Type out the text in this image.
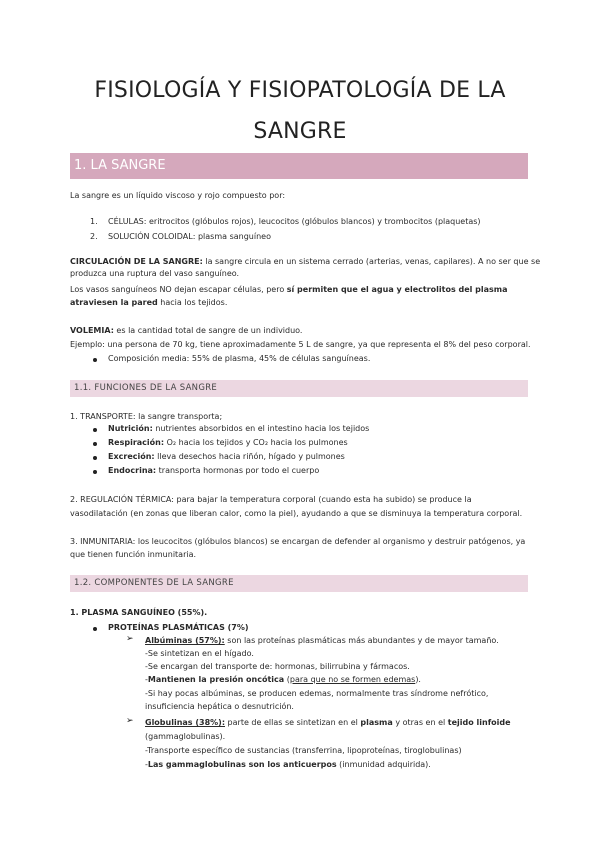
FISIOLOGÍA Y FISIOPATOLOGÍA DE LA
SANGRE
1. LA SANGRE
La sangre es un líquido viscoso y rojo compuesto por:
1. CÉLULAS: eritrocitos (glóbulos rojos), leucocitos (glóbulos blancos) y trombocitos (plaquetas)
2. SOLUCIÓN COLOIDAL: plasma sanguíneo
CIRCULACIÓN DE LA SANGRE: la sangre circula en un sistema cerrado (arterias, venas, capilares). A no ser que se
produzca una ruptura del vaso sanguíneo.
Los vasos sanguíneos NO dejan escapar células, pero sí permiten que el agua y electrolitos del plasma
atraviesen la pared hacia los tejidos.
VOLEMIA: es la cantidad total de sangre de un individuo.
Ejemplo: una persona de 70 kg, tiene aproximadamente 5 L de sangre, ya que representa el 8% del peso corporal.
Composición media: 55% de plasma, 45% de células sanguíneas.
1.1. FUNCIONES DE LA SANGRE
1. TRANSPORTE: la sangre transporta;
Nutrición: nutrientes absorbidos en el intestino hacia los tejidos
Respiración: O₂ hacia los tejidos y CO₂ hacia los pulmones
Excreción: lleva desechos hacia riñón, hígado y pulmones
Endocrina: transporta hormonas por todo el cuerpo
2. REGULACIÓN TÉRMICA: para bajar la temperatura corporal (cuando esta ha subido) se produce la
vasodilatación (en zonas que liberan calor, como la piel), ayudando a que se disminuya la temperatura corporal.
3. INMUNITARIA: los leucocitos (glóbulos blancos) se encargan de defender al organismo y destruir patógenos, ya
que tienen función inmunitaria.
1.2. COMPONENTES DE LA SANGRE
1. PLASMA SANGUÍNEO (55%).
PROTEÍNAS PLASMÁTICAS (7%)
➢ Albúminas (57%): son las proteínas plasmáticas más abundantes y de mayor tamaño.
-Se sintetizan en el hígado.
-Se encargan del transporte de: hormonas, bilirrubina y fármacos.
-Mantienen la presión oncótica (para que no se formen edemas).
-Si hay pocas albúminas, se producen edemas, normalmente tras síndrome nefrótico,
insuficiencia hepática o desnutrición.
➢ Globulinas (38%): parte de ellas se sintetizan en el plasma y otras en el tejido linfoide
(gammaglobulinas).
-Transporte específico de sustancias (transferrina, lipoproteínas, tiroglobulinas)
-Las gammaglobulinas son los anticuerpos (inmunidad adquirida).
